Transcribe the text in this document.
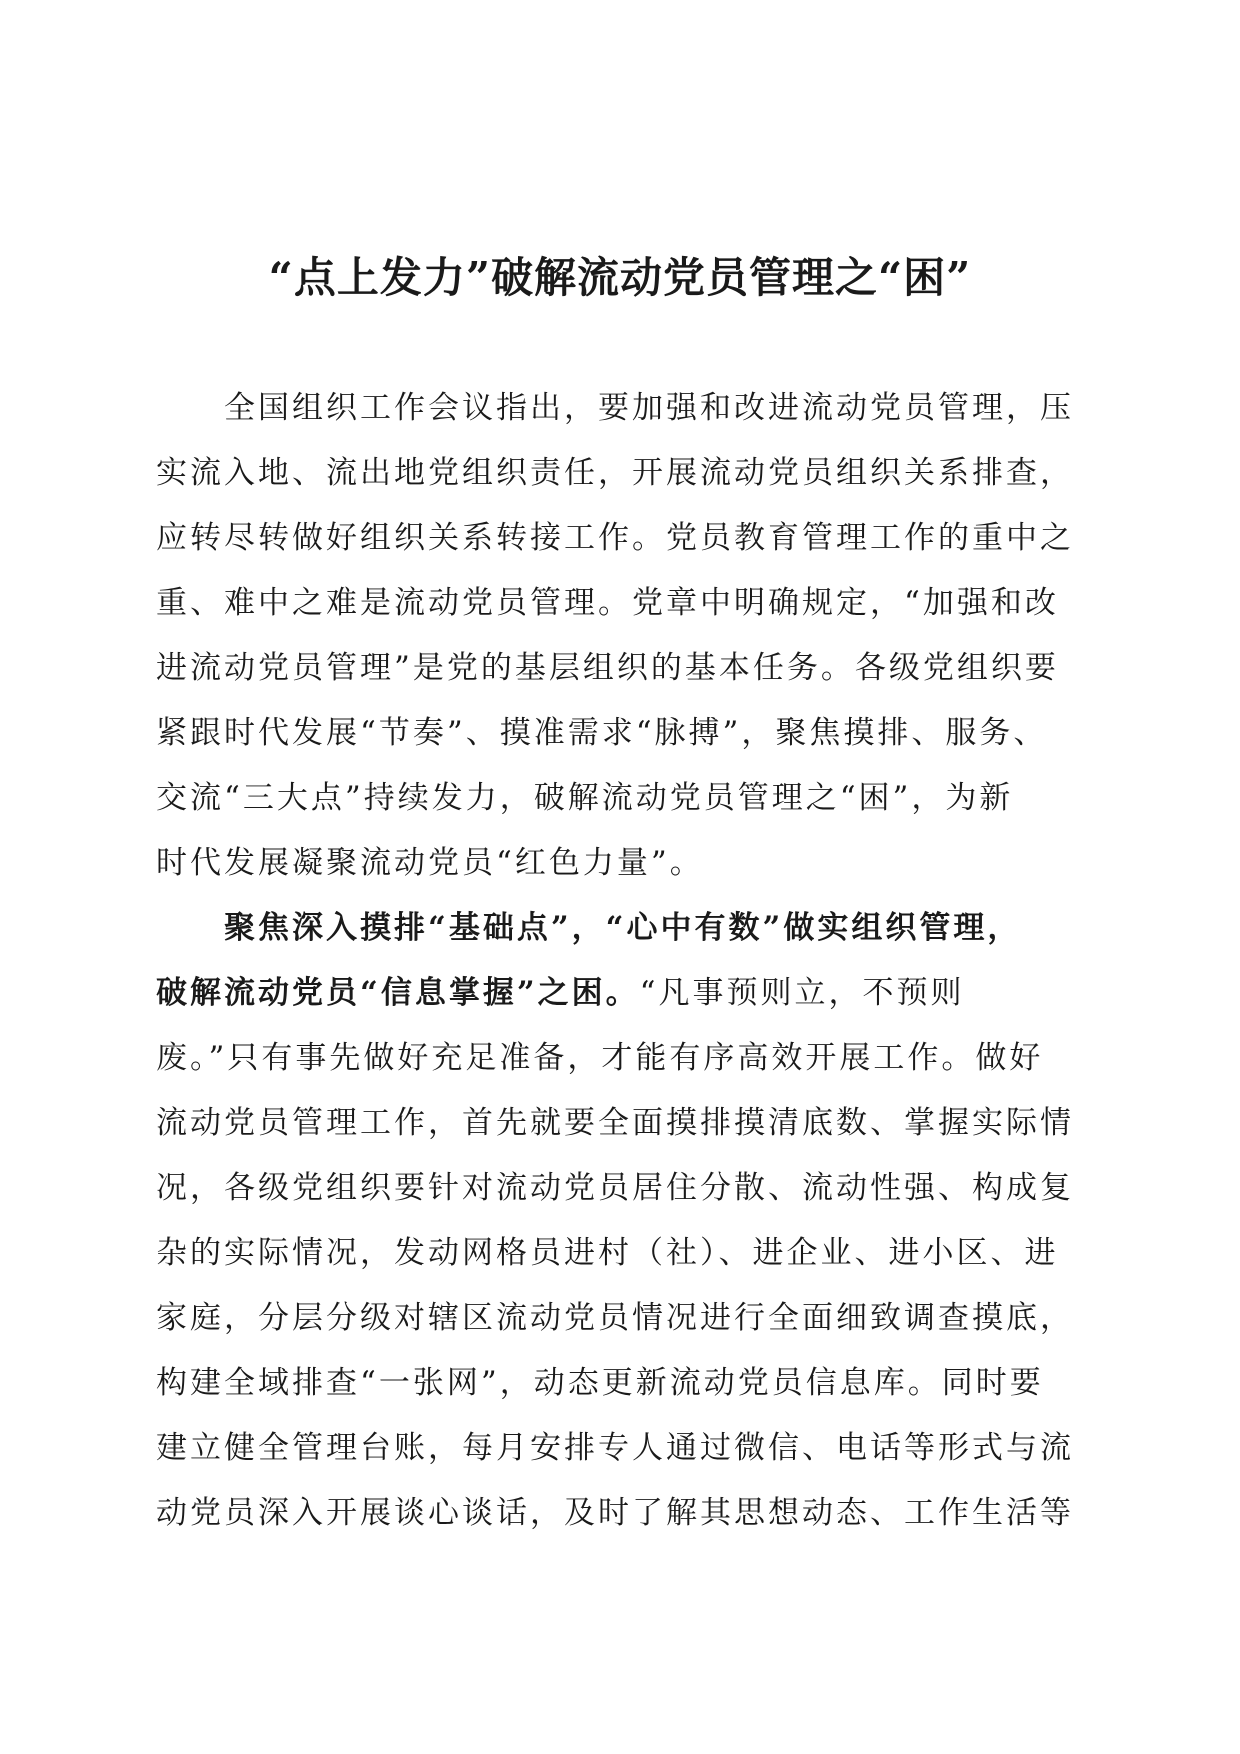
“点上发力”破解流动党员管理之“困”
全国组织工作会议指出，要加强和改进流动党员管理，压
实流入地、流出地党组织责任，开展流动党员组织关系排查，
应转尽转做好组织关系转接工作。党员教育管理工作的重中之
重、难中之难是流动党员管理。党章中明确规定，“加强和改
进流动党员管理”是党的基层组织的基本任务。各级党组织要
紧跟时代发展“节奏”、摸准需求“脉搏”，聚焦摸排、服务、
交流“三大点”持续发力，破解流动党员管理之“困”，为新
时代发展凝聚流动党员“红色力量”。
聚焦深入摸排“基础点”，“心中有数”做实组织管理，
破解流动党员“信息掌握”之困。“凡事预则立，不预则
废。”只有事先做好充足准备，才能有序高效开展工作。做好
流动党员管理工作，首先就要全面摸排摸清底数、掌握实际情
况，各级党组织要针对流动党员居住分散、流动性强、构成复
杂的实际情况，发动网格员进村（社）、进企业、进小区、进
家庭，分层分级对辖区流动党员情况进行全面细致调查摸底，
构建全域排查“一张网”，动态更新流动党员信息库。同时要
建立健全管理台账，每月安排专人通过微信、电话等形式与流
动党员深入开展谈心谈话，及时了解其思想动态、工作生活等
